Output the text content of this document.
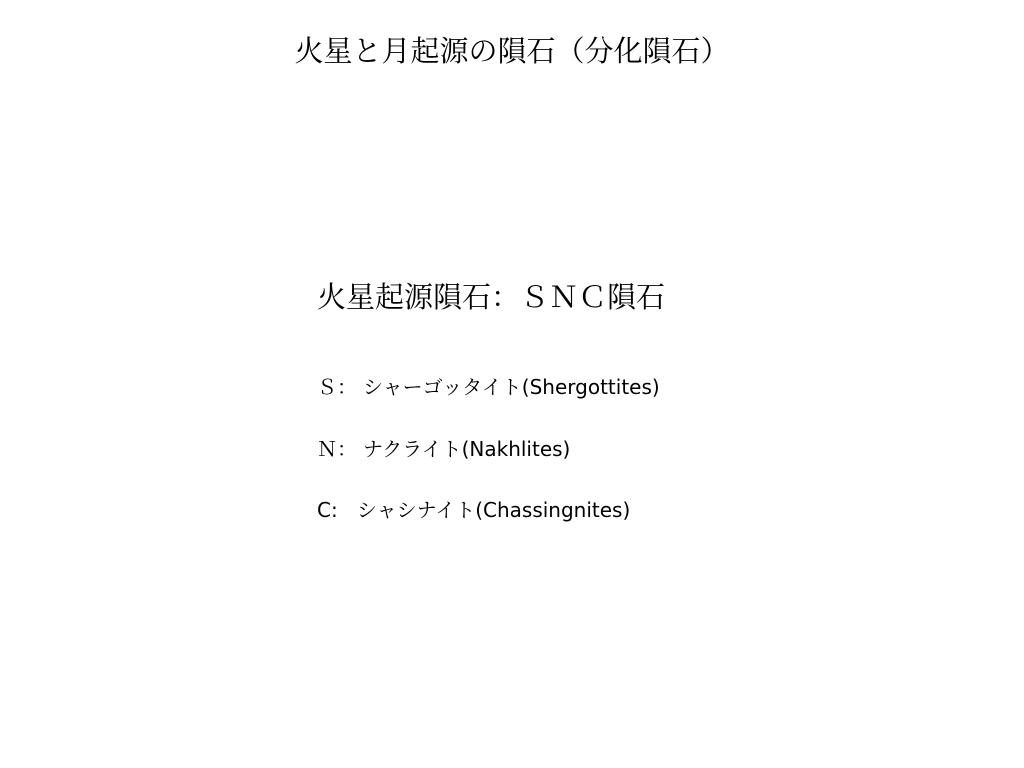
火星と月起源の隕石（分化隕石）
火星起源隕石：ＳＮＣ隕石
Ｓ： シャーゴッタイト(Shergottites)
Ｎ： ナクライト(Nakhlites)
C: シャシナイト(Chassingnites)
